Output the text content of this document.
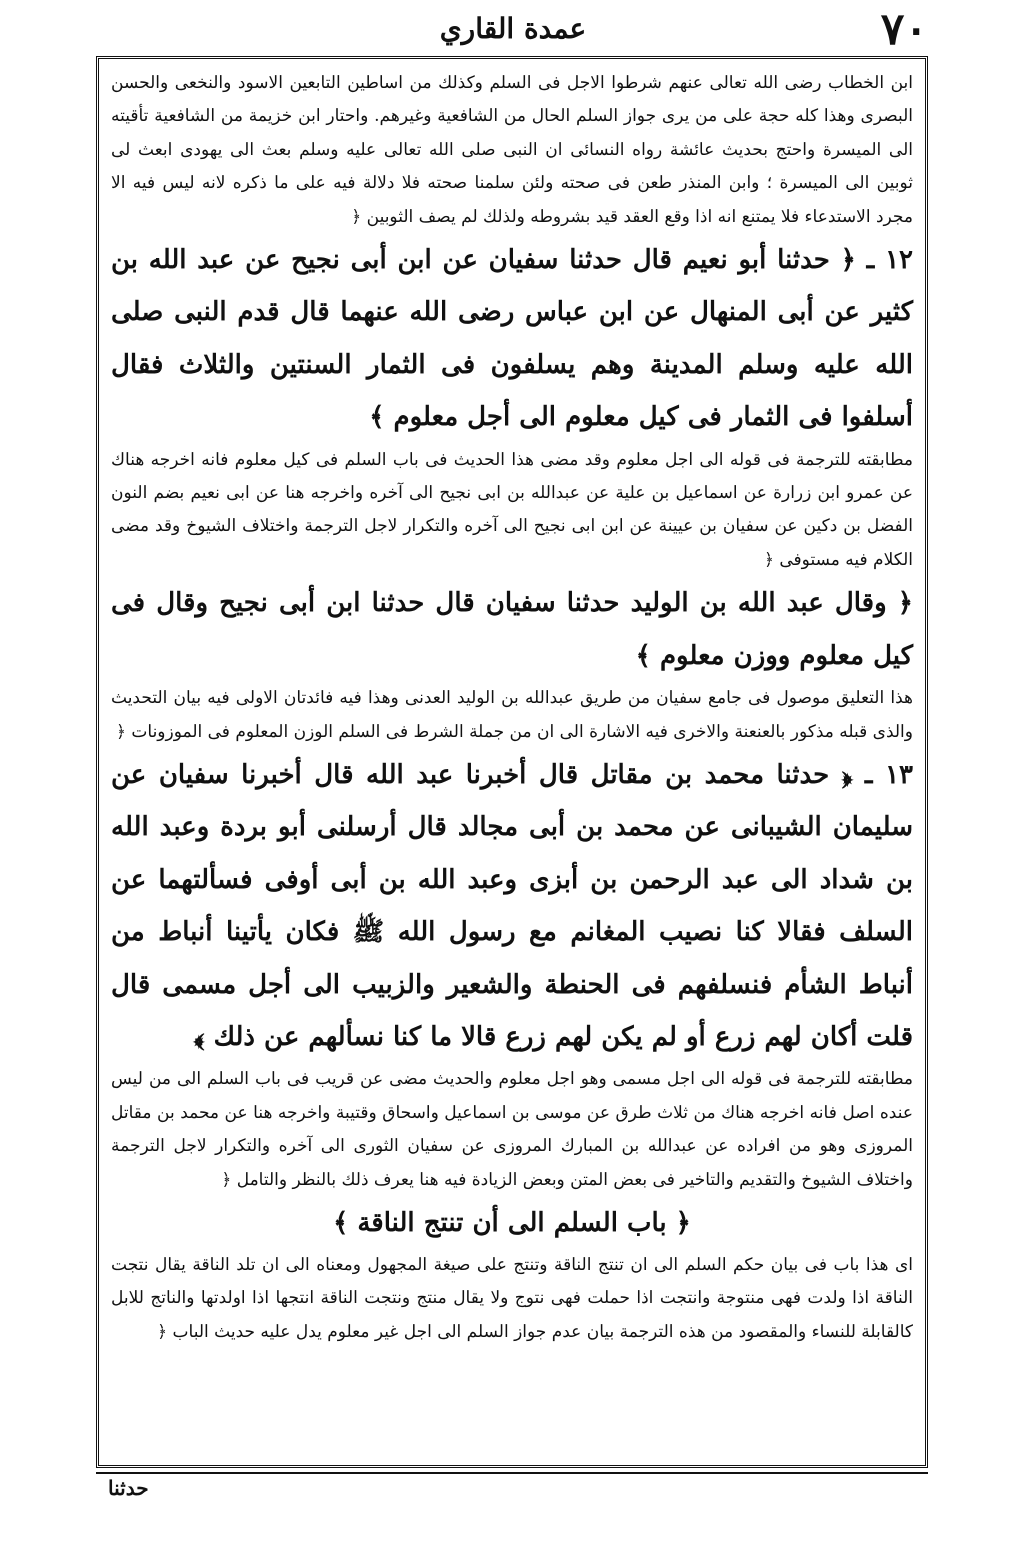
٧٠
عمدة القاري

ابن الخطاب رضى الله تعالى عنهم شرطوا الاجل فى السلم وكذلك من اساطين التابعين الاسود والنخعى والحسن البصرى وهذا كله حجة على من يرى جواز السلم الحال من الشافعية وغيرهم. واحتار ابن خزيمة من الشافعية تأقيته الى الميسرة واحتج بحديث عائشة رواه النسائى ان النبى صلى الله تعالى عليه وسلم بعث الى يهودى ابعث لى ثوبين الى الميسرة ؛ وابن المنذر طعن فى صحته ولئن سلمنا صحته فلا دلالة فيه على ما ذكره لانه ليس فيه الا مجرد الاستدعاء فلا يمتنع انه اذا وقع العقد قيد بشروطه ولذلك لم يصف الثوبين ﴿

١٢ ـ ﴿ حدثنا أبو نعيم قال حدثنا سفيان عن ابن أبى نجيح عن عبد الله بن كثير عن أبى المنهال عن ابن عباس رضى الله عنهما قال قدم النبى صلى الله عليه وسلم المدينة وهم يسلفون فى الثمار السنتين والثلاث فقال أسلفوا فى الثمار فى كيل معلوم الى أجل معلوم ﴾

مطابقته للترجمة فى قوله الى اجل معلوم وقد مضى هذا الحديث فى باب السلم فى كيل معلوم فانه اخرجه هناك عن عمرو ابن زرارة عن اسماعيل بن علية عن عبدالله بن ابى نجيح الى آخره واخرجه هنا عن ابى نعيم بضم النون الفضل بن دكين عن سفيان بن عيينة عن ابن ابى نجيح الى آخره والتكرار لاجل الترجمة واختلاف الشيوخ وقد مضى الكلام فيه مستوفى ﴿

﴿ وقال عبد الله بن الوليد حدثنا سفيان قال حدثنا ابن أبى نجيح وقال فى كيل معلوم ووزن معلوم ﴾

هذا التعليق موصول فى جامع سفيان من طريق عبدالله بن الوليد العدنى وهذا فيه فائدتان الاولى فيه بيان التحديث والذى قبله مذكور بالعنعنة والاخرى فيه الاشارة الى ان من جملة الشرط فى السلم الوزن المعلوم فى الموزونات ﴿

١٣ ـ ﴿ حدثنا محمد بن مقاتل قال أخبرنا عبد الله قال أخبرنا سفيان عن سليمان الشيبانى عن محمد بن أبى مجالد قال أرسلنى أبو بردة وعبد الله بن شداد الى عبد الرحمن بن أبزى وعبد الله بن أبى أوفى فسألتهما عن السلف فقالا كنا نصيب المغانم مع رسول الله ﷺ فكان يأتينا أنباط من أنباط الشأم فنسلفهم فى الحنطة والشعير والزبيب الى أجل مسمى قال قلت أكان لهم زرع أو لم يكن لهم زرع قالا ما كنا نسألهم عن ذلك ﴾

مطابقته للترجمة فى قوله الى اجل مسمى وهو اجل معلوم والحديث مضى عن قريب فى باب السلم الى من ليس عنده اصل فانه اخرجه هناك من ثلاث طرق عن موسى بن اسماعيل واسحاق وقتيبة واخرجه هنا عن محمد بن مقاتل المروزى وهو من افراده عن عبدالله بن المبارك المروزى عن سفيان الثورى الى آخره والتكرار لاجل الترجمة واختلاف الشيوخ والتقديم والتاخير فى بعض المتن وبعض الزيادة فيه هنا يعرف ذلك بالنظر والتامل ﴿

﴿ باب السلم الى أن تنتج الناقة ﴾

اى هذا باب فى بيان حكم السلم الى ان تنتج الناقة وتنتج على صيغة المجهول ومعناه الى ان تلد الناقة يقال نتجت الناقة اذا ولدت فهى منتوجة وانتجت اذا حملت فهى نتوج ولا يقال منتج ونتجت الناقة انتجها اذا اولدتها والناتج للابل كالقابلة للنساء والمقصود من هذه الترجمة بيان عدم جواز السلم الى اجل غير معلوم يدل عليه حديث الباب ﴿

حدثنا
